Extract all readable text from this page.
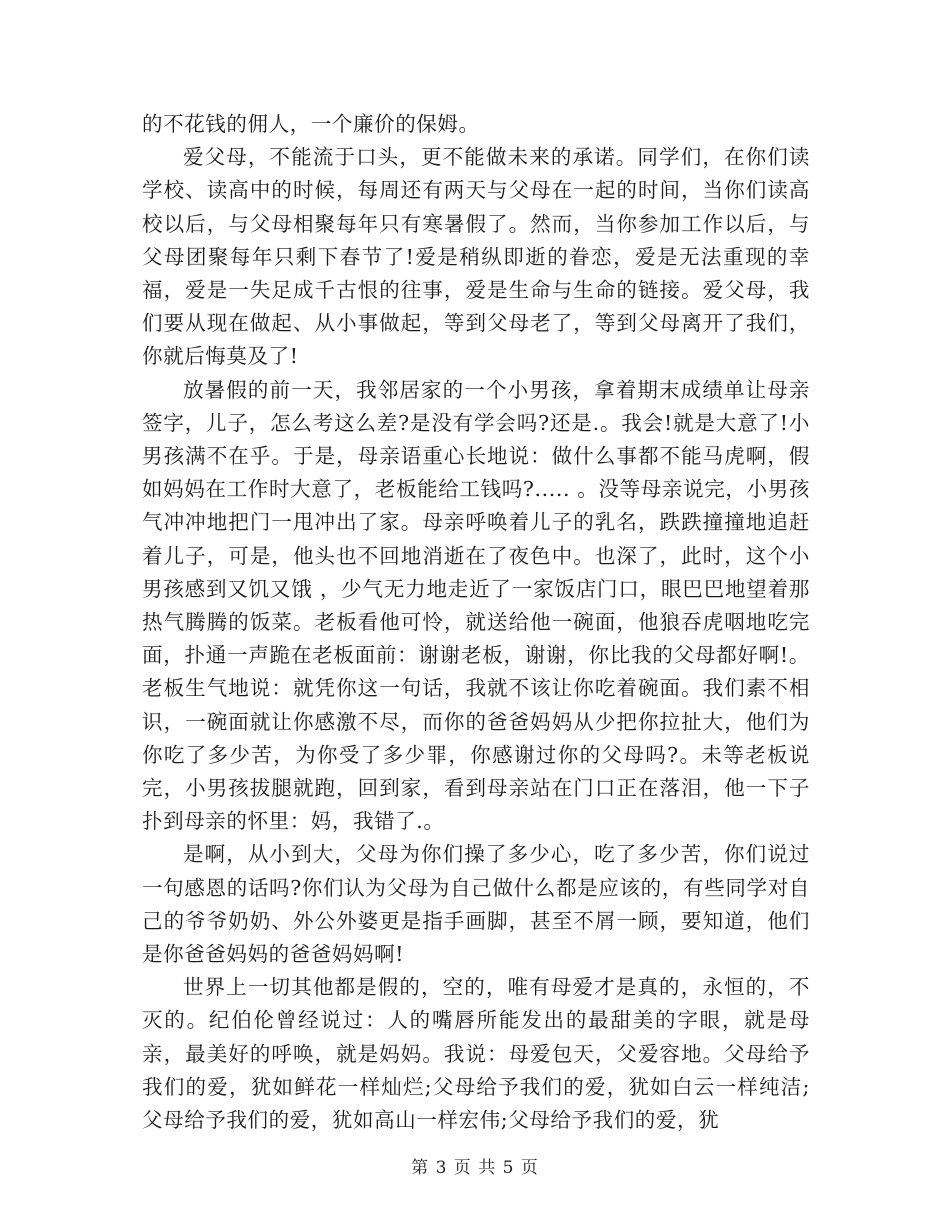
的不花钱的佣人，一个廉价的保姆。

爱父母，不能流于口头，更不能做未来的承诺。同学们，在你们读学校、读高中的时候，每周还有两天与父母在一起的时间，当你们读高校以后，与父母相聚每年只有寒暑假了。然而，当你参加工作以后，与父母团聚每年只剩下春节了!爱是稍纵即逝的眷恋，爱是无法重现的幸福，爱是一失足成千古恨的往事，爱是生命与生命的链接。爱父母，我们要从现在做起、从小事做起，等到父母老了，等到父母离开了我们，你就后悔莫及了!

放暑假的前一天，我邻居家的一个小男孩，拿着期末成绩单让母亲签字，儿子，怎么考这么差?是没有学会吗?还是.。我会!就是大意了!小男孩满不在乎。于是，母亲语重心长地说：做什么事都不能马虎啊，假如妈妈在工作时大意了，老板能给工钱吗?..... 。没等母亲说完，小男孩气冲冲地把门一甩冲出了家。母亲呼唤着儿子的乳名，跌跌撞撞地追赶着儿子，可是，他头也不回地消逝在了夜色中。也深了，此时，这个小男孩感到又饥又饿 ，少气无力地走近了一家饭店门口，眼巴巴地望着那热气腾腾的饭菜。老板看他可怜，就送给他一碗面，他狼吞虎咽地吃完面，扑通一声跪在老板面前：谢谢老板，谢谢，你比我的父母都好啊!。老板生气地说：就凭你这一句话，我就不该让你吃着碗面。我们素不相识，一碗面就让你感激不尽，而你的爸爸妈妈从少把你拉扯大，他们为你吃了多少苦，为你受了多少罪，你感谢过你的父母吗?。未等老板说完，小男孩拔腿就跑，回到家，看到母亲站在门口正在落泪，他一下子扑到母亲的怀里：妈，我错了.。

是啊，从小到大，父母为你们操了多少心，吃了多少苦，你们说过一句感恩的话吗?你们认为父母为自己做什么都是应该的，有些同学对自己的爷爷奶奶、外公外婆更是指手画脚，甚至不屑一顾，要知道，他们是你爸爸妈妈的爸爸妈妈啊!

世界上一切其他都是假的，空的，唯有母爱才是真的，永恒的，不灭的。纪伯伦曾经说过：人的嘴唇所能发出的最甜美的字眼，就是母亲，最美好的呼唤，就是妈妈。我说：母爱包天，父爱容地。父母给予我们的爱，犹如鲜花一样灿烂;父母给予我们的爱，犹如白云一样纯洁;父母给予我们的爱，犹如高山一样宏伟;父母给予我们的爱，犹

第 3 页 共 5 页
